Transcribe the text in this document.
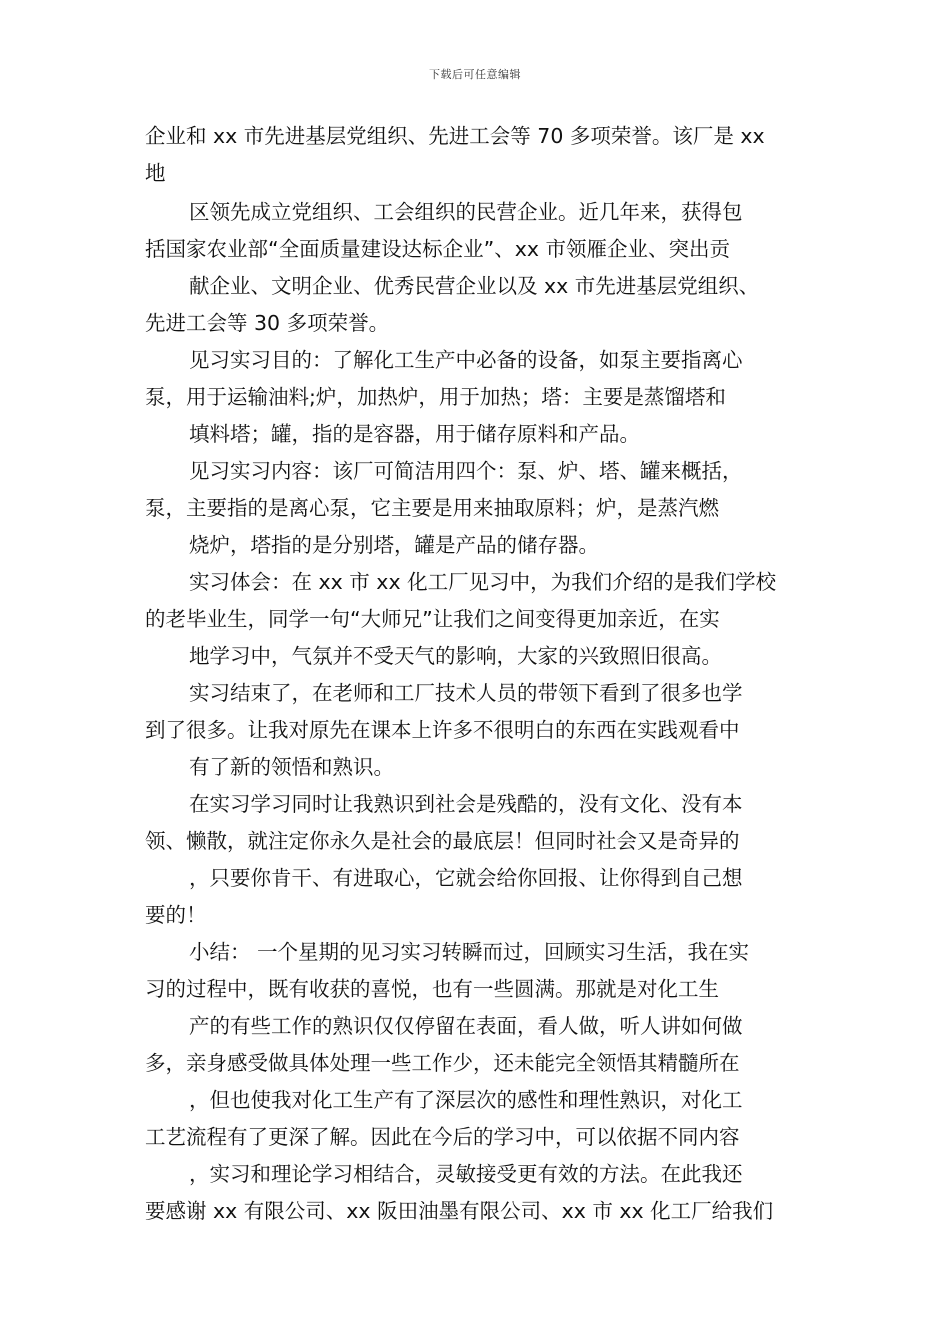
下载后可任意编辑
企业和 xx 市先进基层党组织、先进工会等 70 多项荣誉。该厂是 xx
地
区领先成立党组织、工会组织的民营企业。近几年来，获得包
括国家农业部“全面质量建设达标企业”、xx 市领雁企业、突出贡
献企业、文明企业、优秀民营企业以及 xx 市先进基层党组织、
先进工会等 30 多项荣誉。
见习实习目的：了解化工生产中必备的设备，如泵主要指离心
泵，用于运输油料;炉，加热炉，用于加热；塔：主要是蒸馏塔和
填料塔；罐，指的是容器，用于储存原料和产品。
见习实习内容：该厂可简洁用四个：泵、炉、塔、罐来概括，
泵，主要指的是离心泵，它主要是用来抽取原料；炉，是蒸汽燃
烧炉，塔指的是分别塔，罐是产品的储存器。
实习体会：在 xx 市 xx 化工厂见习中，为我们介绍的是我们学校
的老毕业生，同学一句“大师兄”让我们之间变得更加亲近，在实
地学习中，气氛并不受天气的影响，大家的兴致照旧很高。
实习结束了，在老师和工厂技术人员的带领下看到了很多也学
到了很多。让我对原先在课本上许多不很明白的东西在实践观看中
有了新的领悟和熟识。
在实习学习同时让我熟识到社会是残酷的，没有文化、没有本
领、懒散，就注定你永久是社会的最底层！但同时社会又是奇异的
，只要你肯干、有进取心，它就会给你回报、让你得到自己想
要的！
小结： 一个星期的见习实习转瞬而过，回顾实习生活，我在实
习的过程中，既有收获的喜悦，也有一些圆满。那就是对化工生
产的有些工作的熟识仅仅停留在表面，看人做，听人讲如何做
多，亲身感受做具体处理一些工作少，还未能完全领悟其精髓所在
，但也使我对化工生产有了深层次的感性和理性熟识，对化工
工艺流程有了更深了解。因此在今后的学习中，可以依据不同内容
，实习和理论学习相结合，灵敏接受更有效的方法。在此我还
要感谢 xx 有限公司、xx 阪田油墨有限公司、xx 市 xx 化工厂给我们
